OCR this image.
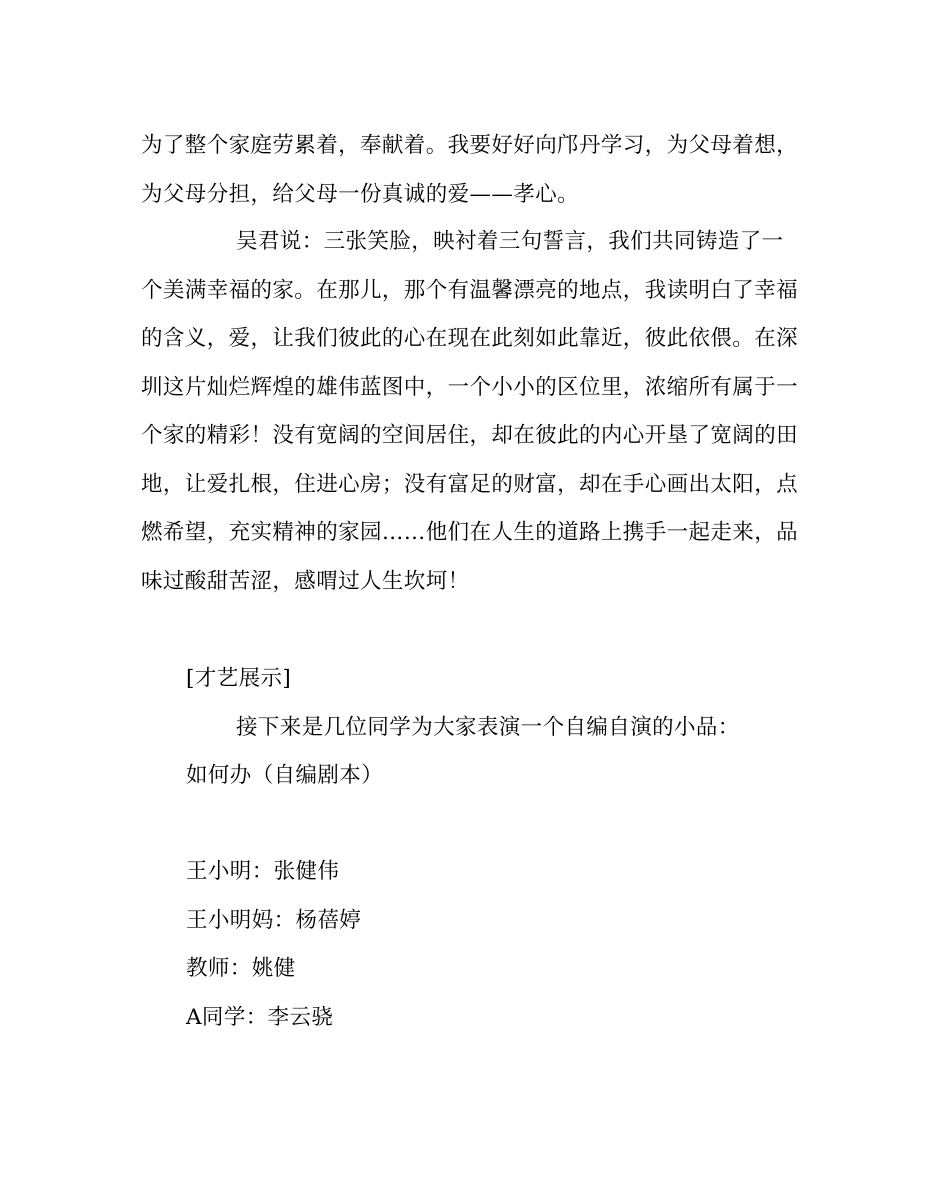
为了整个家庭劳累着，奉献着。我要好好向邝丹学习，为父母着想，
为父母分担，给父母一份真诚的爱——孝心。
吴君说：三张笑脸，映衬着三句誓言，我们共同铸造了一
个美满幸福的家。在那儿，那个有温馨漂亮的地点，我读明白了幸福
的含义，爱，让我们彼此的心在现在此刻如此靠近，彼此依偎。在深
圳这片灿烂辉煌的雄伟蓝图中，一个小小的区位里，浓缩所有属于一
个家的精彩！没有宽阔的空间居住，却在彼此的内心开垦了宽阔的田
地，让爱扎根，住进心房；没有富足的财富，却在手心画出太阳，点
燃希望，充实精神的家园……他们在人生的道路上携手一起走来，品
味过酸甜苦涩，感喟过人生坎坷！
[才艺展示]
接下来是几位同学为大家表演一个自编自演的小品：
如何办（自编剧本）
王小明：张健伟
王小明妈：杨蓓婷
教师：姚健
A同学：李云骁
